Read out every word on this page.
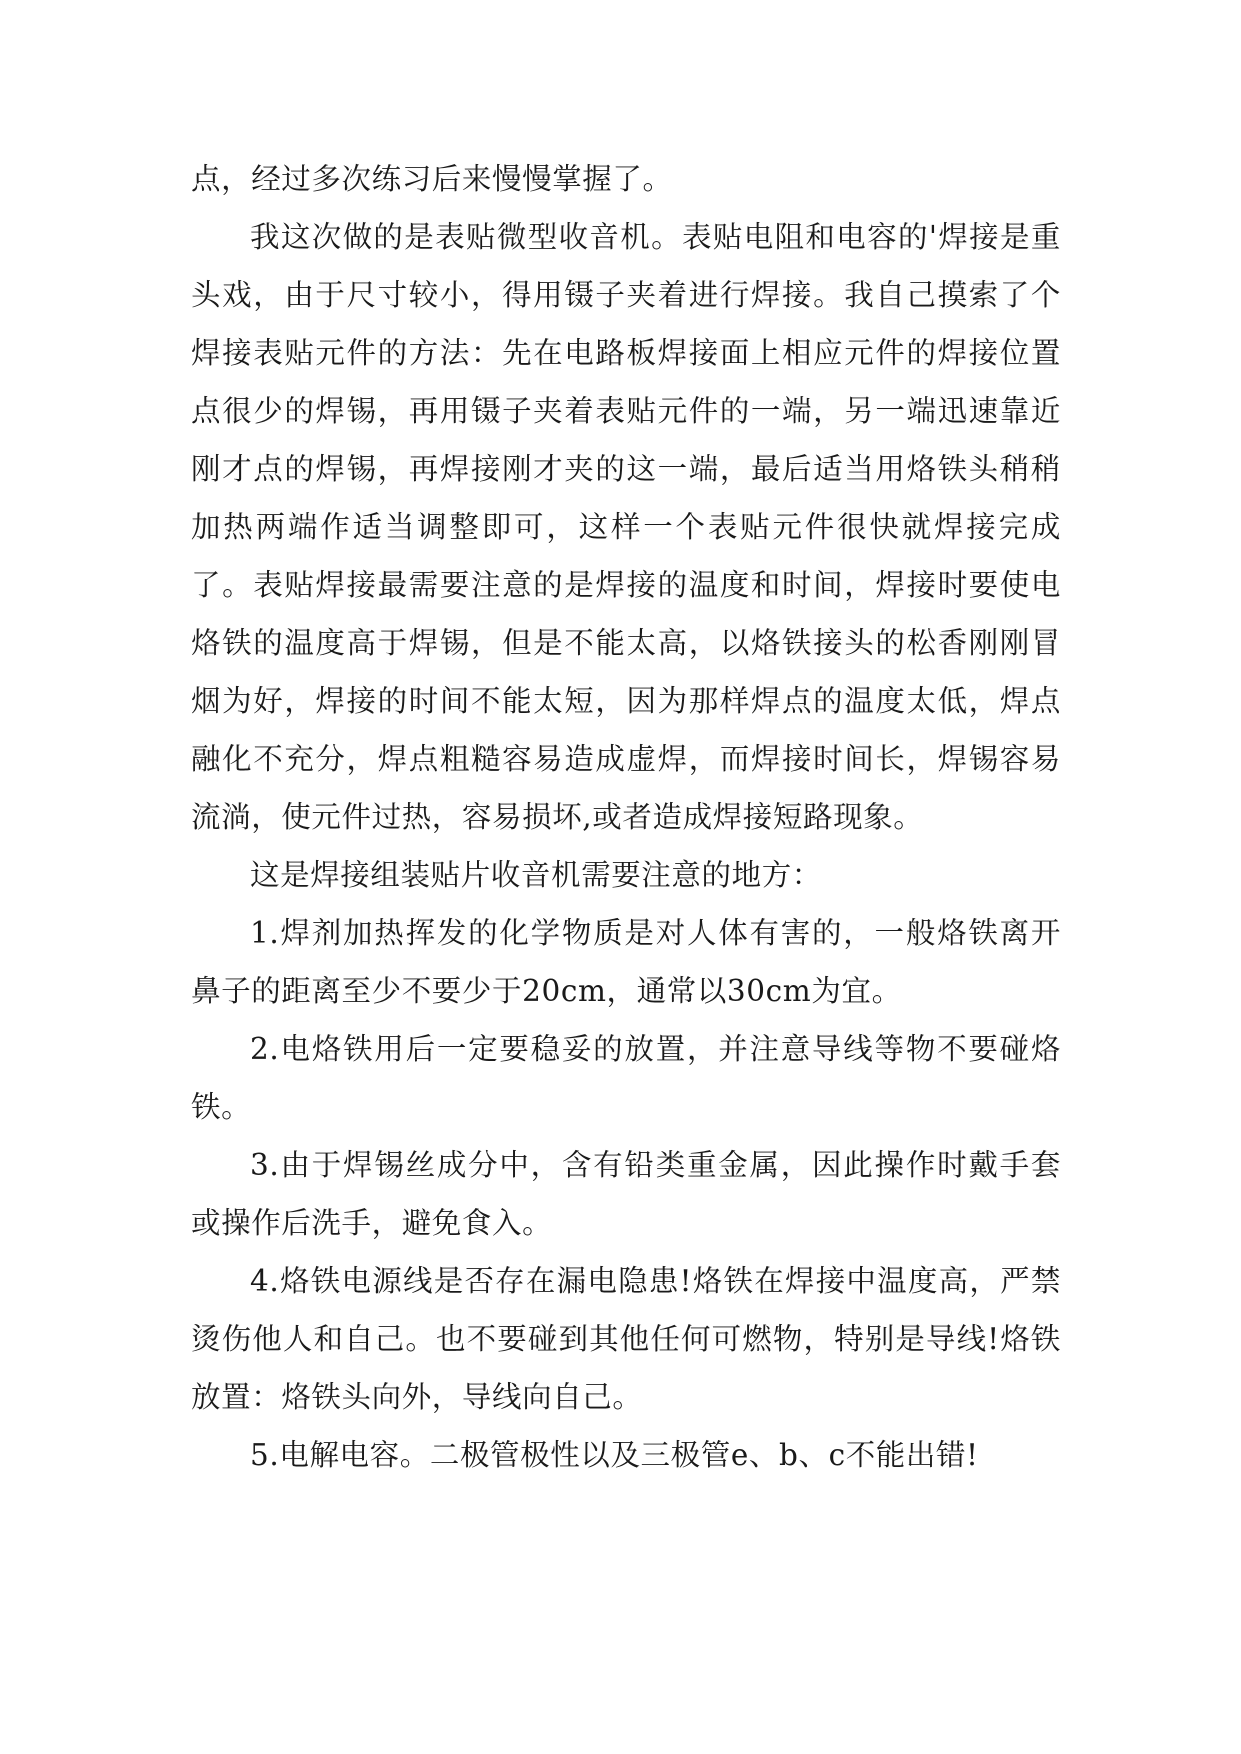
点，经过多次练习后来慢慢掌握了。

我这次做的是表贴微型收音机。表贴电阻和电容的'焊接是重头戏，由于尺寸较小，得用镊子夹着进行焊接。我自己摸索了个焊接表贴元件的方法：先在电路板焊接面上相应元件的焊接位置点很少的焊锡，再用镊子夹着表贴元件的一端，另一端迅速靠近刚才点的焊锡，再焊接刚才夹的这一端，最后适当用烙铁头稍稍加热两端作适当调整即可，这样一个表贴元件很快就焊接完成了。表贴焊接最需要注意的是焊接的温度和时间，焊接时要使电烙铁的温度高于焊锡，但是不能太高，以烙铁接头的松香刚刚冒烟为好，焊接的时间不能太短，因为那样焊点的温度太低，焊点融化不充分，焊点粗糙容易造成虚焊，而焊接时间长，焊锡容易流淌，使元件过热，容易损坏,或者造成焊接短路现象。

这是焊接组装贴片收音机需要注意的地方：

1.焊剂加热挥发的化学物质是对人体有害的，一般烙铁离开鼻子的距离至少不要少于20cm，通常以30cm为宜。

2.电烙铁用后一定要稳妥的放置，并注意导线等物不要碰烙铁。

3.由于焊锡丝成分中，含有铅类重金属，因此操作时戴手套或操作后洗手，避免食入。

4.烙铁电源线是否存在漏电隐患!烙铁在焊接中温度高，严禁烫伤他人和自己。也不要碰到其他任何可燃物，特别是导线!烙铁放置：烙铁头向外，导线向自己。

5.电解电容。二极管极性以及三极管e、b、c不能出错!
